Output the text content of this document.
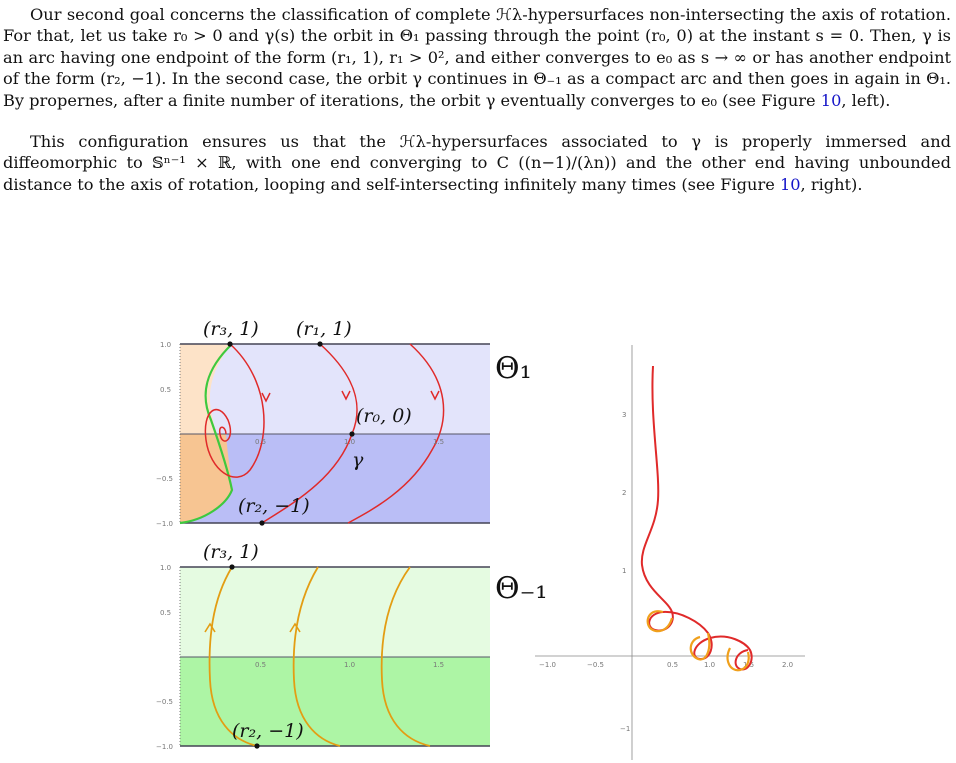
Our second goal concerns the classification of complete ℋλ-hypersurfaces non-intersecting the axis of rotation. For that, let us take r₀ > 0 and γ(s) the orbit in Θ₁ passing through the point (r₀, 0) at the instant s = 0. Then, γ is an arc having one endpoint of the form (r₁, 1), r₁ > 0², and either converges to e₀ as s → ∞ or has another endpoint of the form (r₂, −1). In the second case, the orbit γ continues in Θ₋₁ as a compact arc and then goes in again in Θ₁. By propernes, after a finite number of iterations, the orbit γ eventually converges to e₀ (see Figure 10, left).

This configuration ensures us that the ℋλ-hypersurfaces associated to γ is properly immersed and diffeomorphic to 𝕊ⁿ⁻¹ × ℝ, with one end converging to C ((n−1)/(λn)) and the other end having unbounded distance to the axis of rotation, looping and self-intersecting infinitely many times (see Figure 10, right).

(r₃, 1) (r₁, 1)
(r₀, 0)
γ
(r₂, −1)
Θ₁
0.5	1.0	1.5
1.0
0.5
−0.5
−1.0
(r₃, 1)
(r₂, −1)
Θ₋₁
0.5	1.0	1.5
1.0
0.5
−0.5
−1.0
−1.0	−0.5	0.5	1.0	1.5	2.0
3
2
1
−1
